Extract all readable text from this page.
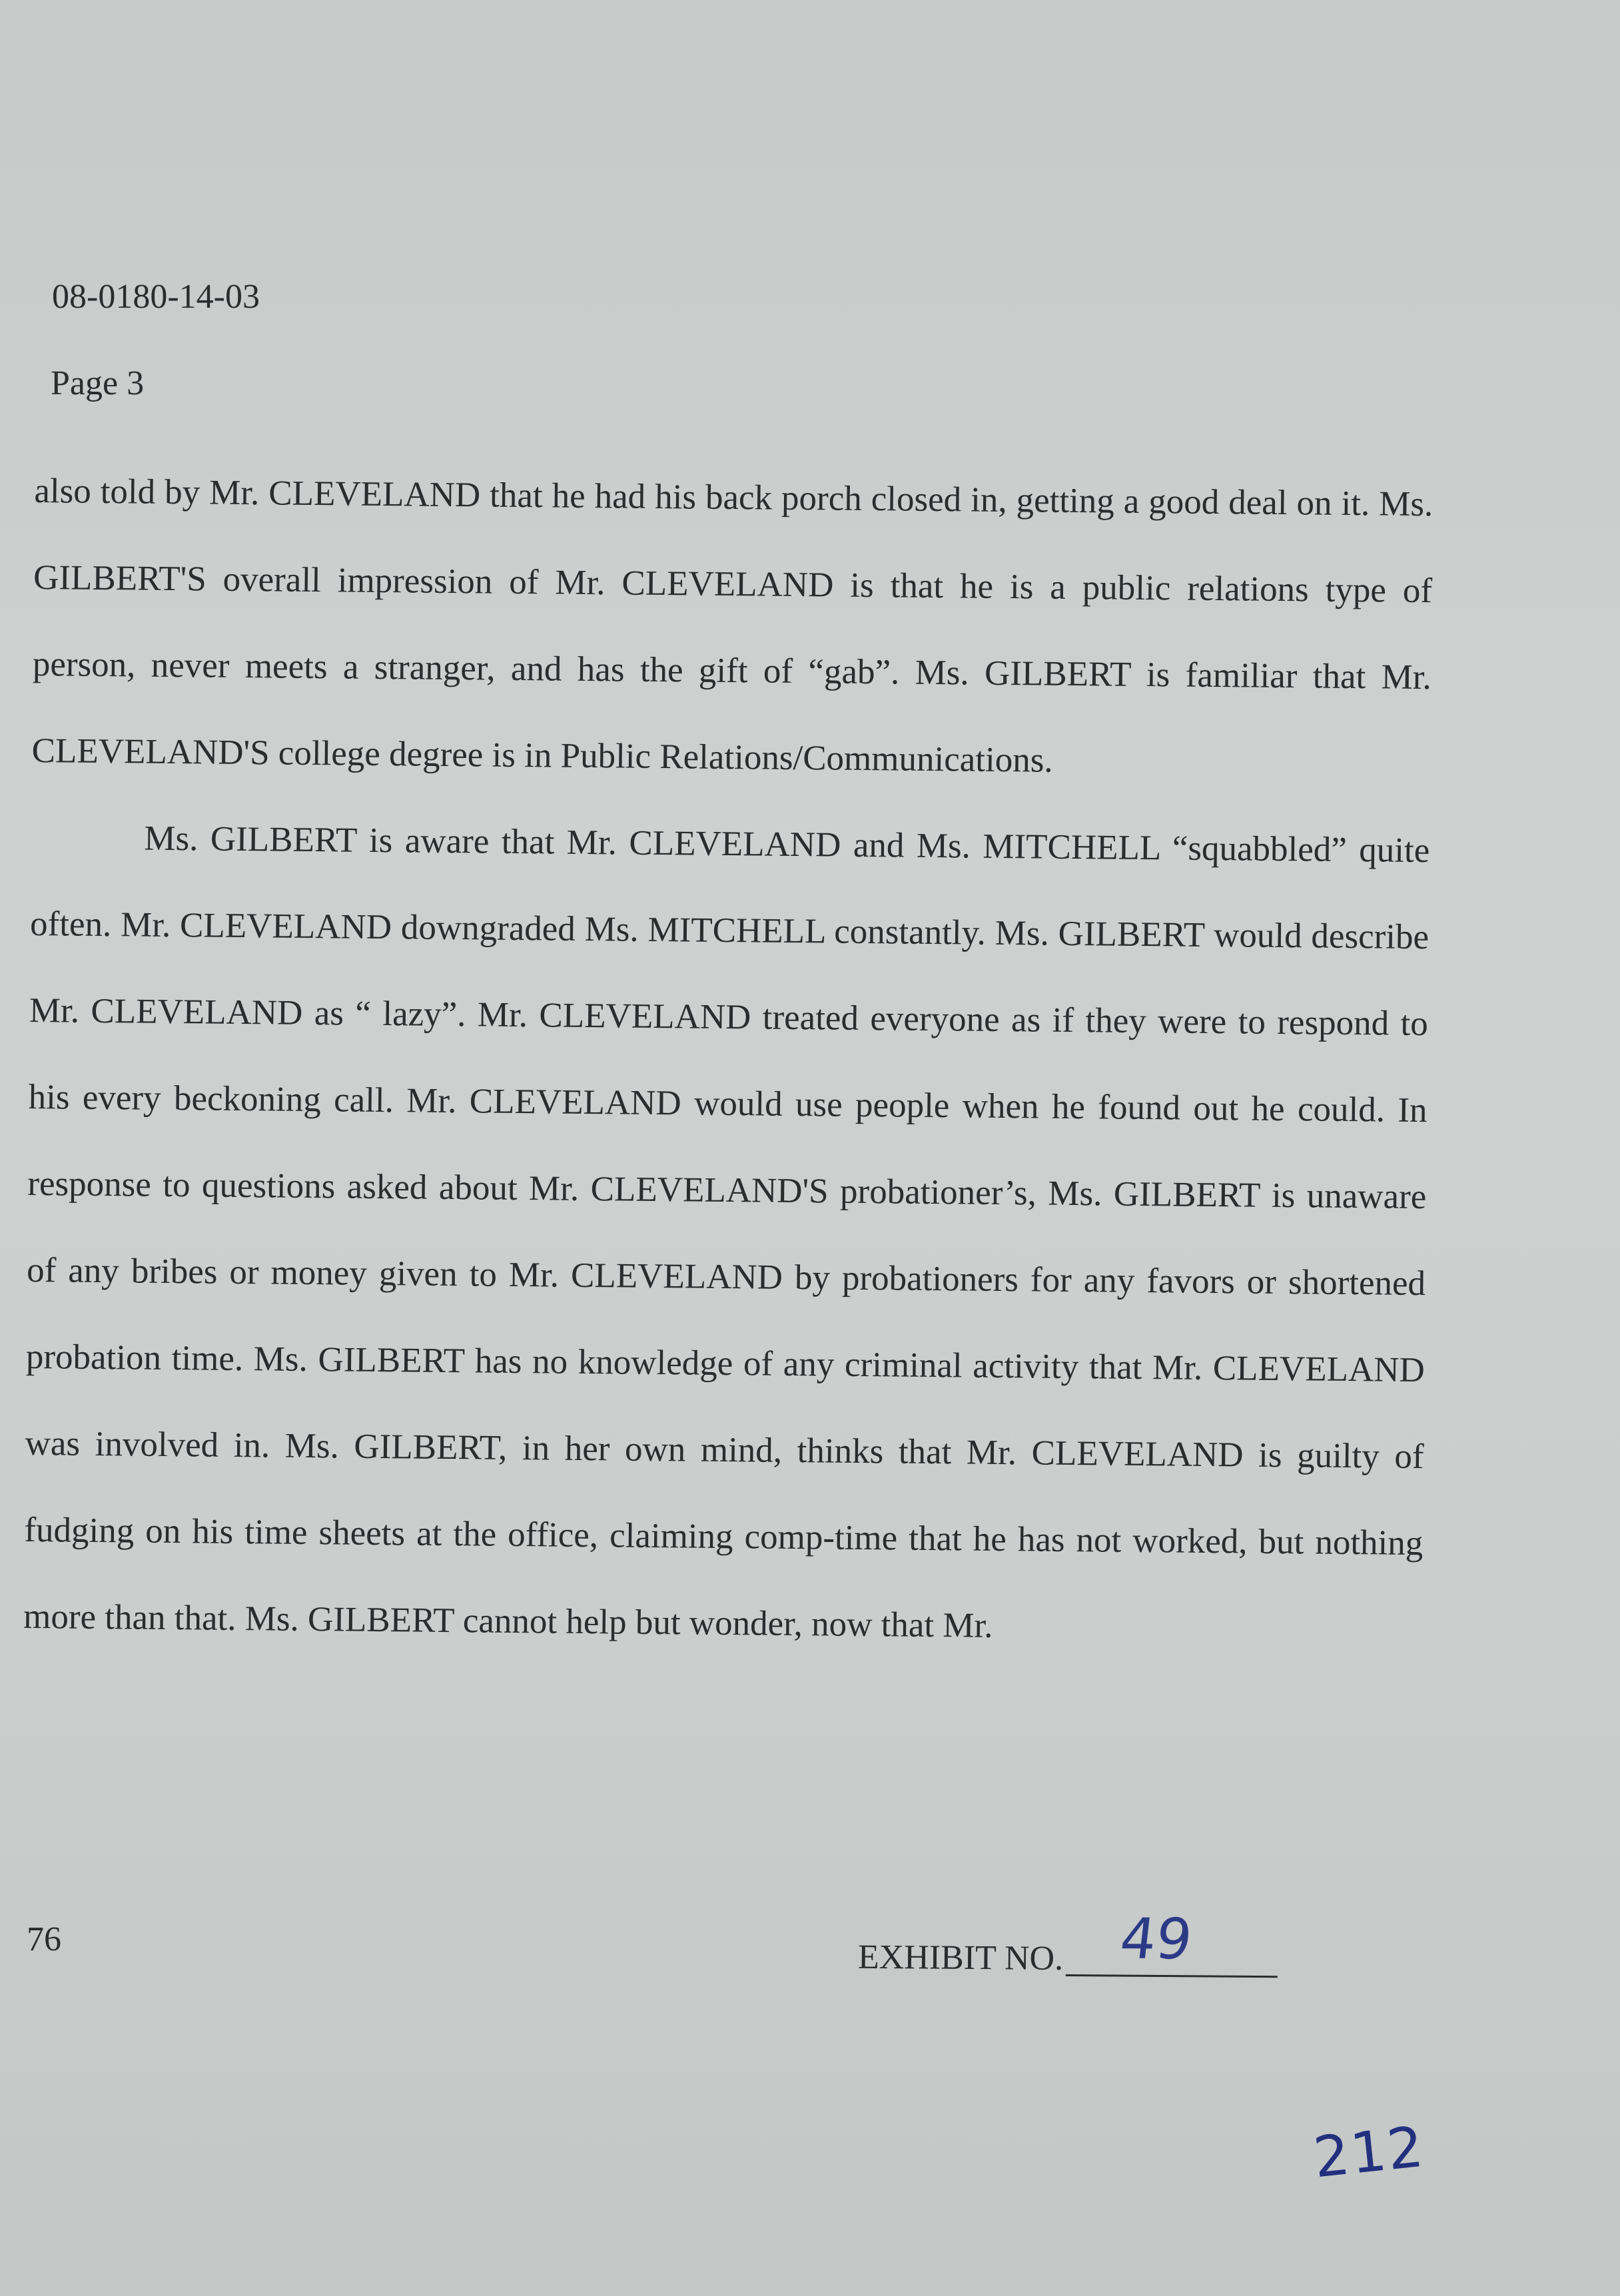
08-0180-14-03
Page 3

also told by Mr. CLEVELAND that he had his back porch closed in, getting a good deal on it. Ms. GILBERT'S overall impression of Mr. CLEVELAND is that he is a public relations type of person, never meets a stranger, and has the gift of “gab”. Ms. GILBERT is familiar that Mr. CLEVELAND'S college degree is in Public Relations/Communications.

Ms. GILBERT is aware that Mr. CLEVELAND and Ms. MITCHELL “squabbled” quite often. Mr. CLEVELAND downgraded Ms. MITCHELL constantly. Ms. GILBERT would describe Mr. CLEVELAND as “ lazy”. Mr. CLEVELAND treated everyone as if they were to respond to his every beckoning call. Mr. CLEVELAND would use people when he found out he could. In response to questions asked about Mr. CLEVELAND'S probationer’s, Ms. GILBERT is unaware of any bribes or money given to Mr. CLEVELAND by probationers for any favors or shortened probation time. Ms. GILBERT has no knowledge of any criminal activity that Mr. CLEVELAND was involved in. Ms. GILBERT, in her own mind, thinks that Mr. CLEVELAND is guilty of fudging on his time sheets at the office, claiming comp-time that he has not worked, but nothing more than that. Ms. GILBERT cannot help but wonder, now that Mr.

76	EXHIBIT NO. 49
212
